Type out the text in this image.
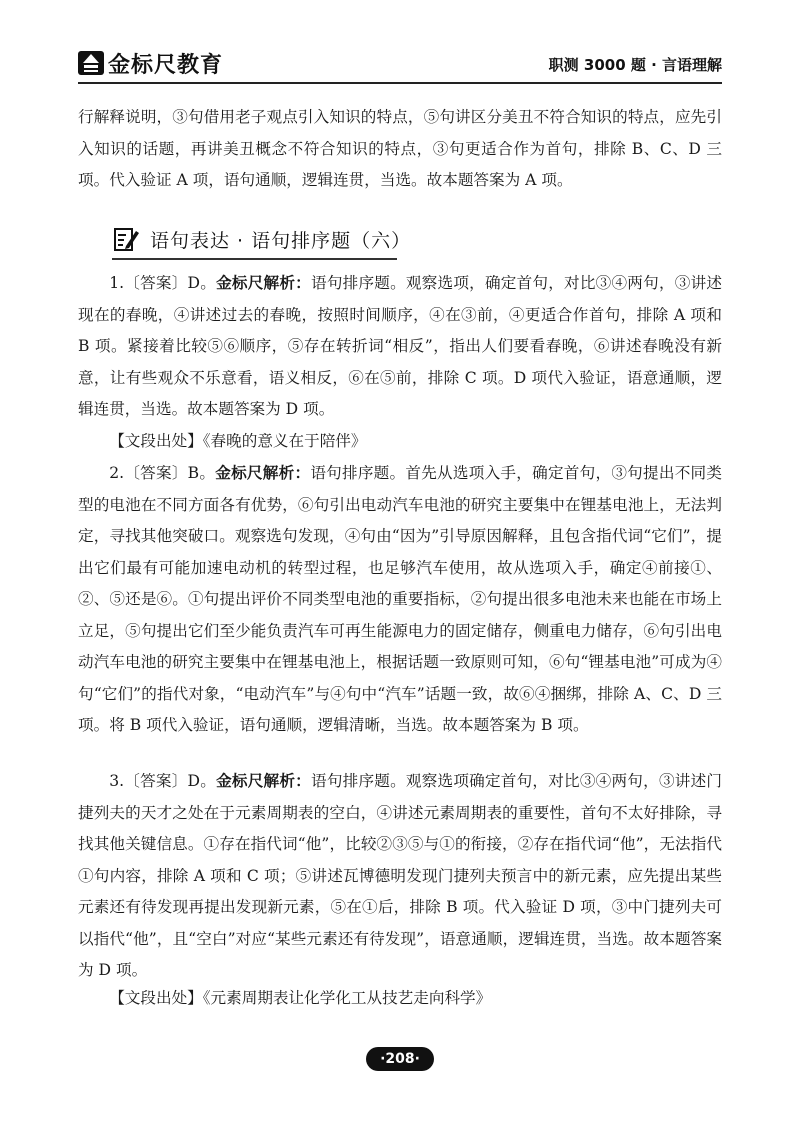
金标尺教育	职测 3000 题 · 言语理解

行解释说明，③句借用老子观点引入知识的特点，⑤句讲区分美丑不符合知识的特点，应先引入知识的话题，再讲美丑概念不符合知识的特点，③句更适合作为首句，排除 B、C、D 三项。代入验证 A 项，语句通顺，逻辑连贯，当选。故本题答案为 A 项。

语句表达 · 语句排序题（六）

1.〔答案〕D。金标尺解析：语句排序题。观察选项，确定首句，对比③④两句，③讲述现在的春晚，④讲述过去的春晚，按照时间顺序，④在③前，④更适合作首句，排除 A 项和 B 项。紧接着比较⑤⑥顺序，⑤存在转折词“相反”，指出人们要看春晚，⑥讲述春晚没有新意，让有些观众不乐意看，语义相反，⑥在⑤前，排除 C 项。D 项代入验证，语意通顺，逻辑连贯，当选。故本题答案为 D 项。

【文段出处】《春晚的意义在于陪伴》

2.〔答案〕B。金标尺解析：语句排序题。首先从选项入手，确定首句，③句提出不同类型的电池在不同方面各有优势，⑥句引出电动汽车电池的研究主要集中在锂基电池上，无法判定，寻找其他突破口。观察选句发现，④句由“因为”引导原因解释，且包含指代词“它们”，提出它们最有可能加速电动机的转型过程，也足够汽车使用，故从选项入手，确定④前接①、②、⑤还是⑥。①句提出评价不同类型电池的重要指标，②句提出很多电池未来也能在市场上立足，⑤句提出它们至少能负责汽车可再生能源电力的固定储存，侧重电力储存，⑥句引出电动汽车电池的研究主要集中在锂基电池上，根据话题一致原则可知，⑥句“锂基电池”可成为④句“它们”的指代对象，“电动汽车”与④句中“汽车”话题一致，故⑥④捆绑，排除 A、C、D 三项。将 B 项代入验证，语句通顺，逻辑清晰，当选。故本题答案为 B 项。

3.〔答案〕D。金标尺解析：语句排序题。观察选项确定首句，对比③④两句，③讲述门捷列夫的天才之处在于元素周期表的空白，④讲述元素周期表的重要性，首句不太好排除，寻找其他关键信息。①存在指代词“他”，比较②③⑤与①的衔接，②存在指代词“他”，无法指代①句内容，排除 A 项和 C 项；⑤讲述瓦博德明发现门捷列夫预言中的新元素，应先提出某些元素还有待发现再提出发现新元素，⑤在①后，排除 B 项。代入验证 D 项，③中门捷列夫可以指代“他”，且“空白”对应“某些元素还有待发现”，语意通顺，逻辑连贯，当选。故本题答案为 D 项。

【文段出处】《元素周期表让化学化工从技艺走向科学》

·208·
